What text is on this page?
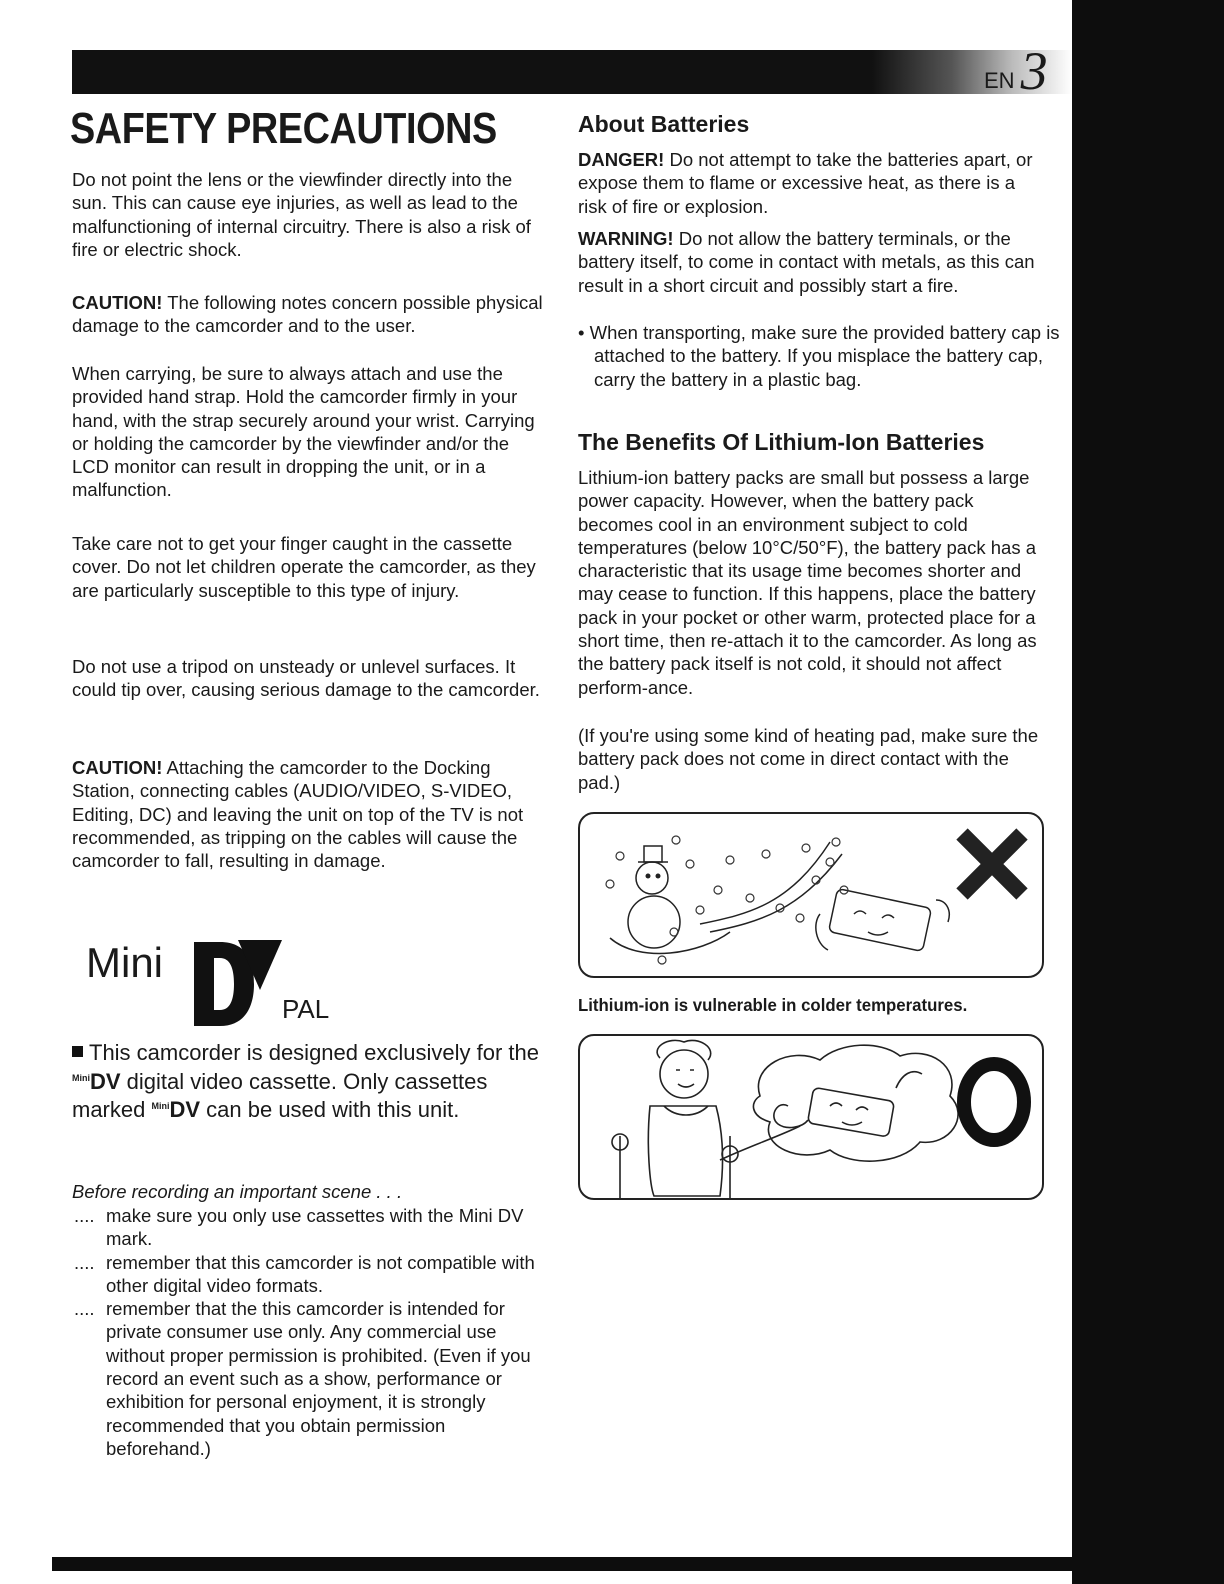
EN 3
SAFETY PRECAUTIONS

Do not point the lens or the viewfinder directly into the sun. This can cause eye injuries, as well as lead to the malfunctioning of internal circuitry. There is also a risk of fire or electric shock.

CAUTION! The following notes concern possible physical damage to the camcorder and to the user.

When carrying, be sure to always attach and use the provided hand strap. Hold the camcorder firmly in your hand, with the strap securely around your wrist. Carrying or holding the camcorder by the viewfinder and/or the LCD monitor can result in dropping the unit, or in a malfunction.

Take care not to get your finger caught in the cassette cover. Do not let children operate the camcorder, as they are particularly susceptible to this type of injury.

Do not use a tripod on unsteady or unlevel surfaces. It could tip over, causing serious damage to the camcorder.

CAUTION! Attaching the camcorder to the Docking Station, connecting cables (AUDIO/VIDEO, S-VIDEO, Editing, DC) and leaving the unit on top of the TV is not recommended, as tripping on the cables will cause the camcorder to fall, resulting in damage.

Mini
DV PAL
This camcorder is designed exclusively for the $^{Mini}$DV digital video cassette. Only cassettes marked $^{Mini}$DV can be used with this unit.
Before recording an important scene . . .
.... make sure you only use cassettes with the Mini DV mark.
.... remember that this camcorder is not compatible with other digital video formats.
.... remember that the this camcorder is intended for private consumer use only. Any commercial use without proper permission is prohibited. (Even if you record an event such as a show, performance or exhibition for personal enjoyment, it is strongly recommended that you obtain permission beforehand.)
About Batteries

DANGER! Do not attempt to take the batteries apart, or expose them to flame or excessive heat, as there is a risk of fire or explosion.

WARNING! Do not allow the battery terminals, or the battery itself, to come in contact with metals, as this can result in a short circuit and possibly start a fire.

• When transporting, make sure the provided battery cap is attached to the battery. If you misplace the battery cap, carry the battery in a plastic bag.

The Benefits Of Lithium-Ion Batteries

Lithium-ion battery packs are small but possess a large power capacity. However, when the battery pack becomes cool in an environment subject to cold temperatures (below 10°C/50°F), the battery pack has a characteristic that its usage time becomes shorter and may cease to function. If this happens, place the battery pack in your pocket or other warm, protected place for a short time, then re-attach it to the camcorder. As long as the battery pack itself is not cold, it should not affect perform-ance.

(If you're using some kind of heating pad, make sure the battery pack does not come in direct contact with the pad.)

Lithium-ion is vulnerable in colder temperatures.
